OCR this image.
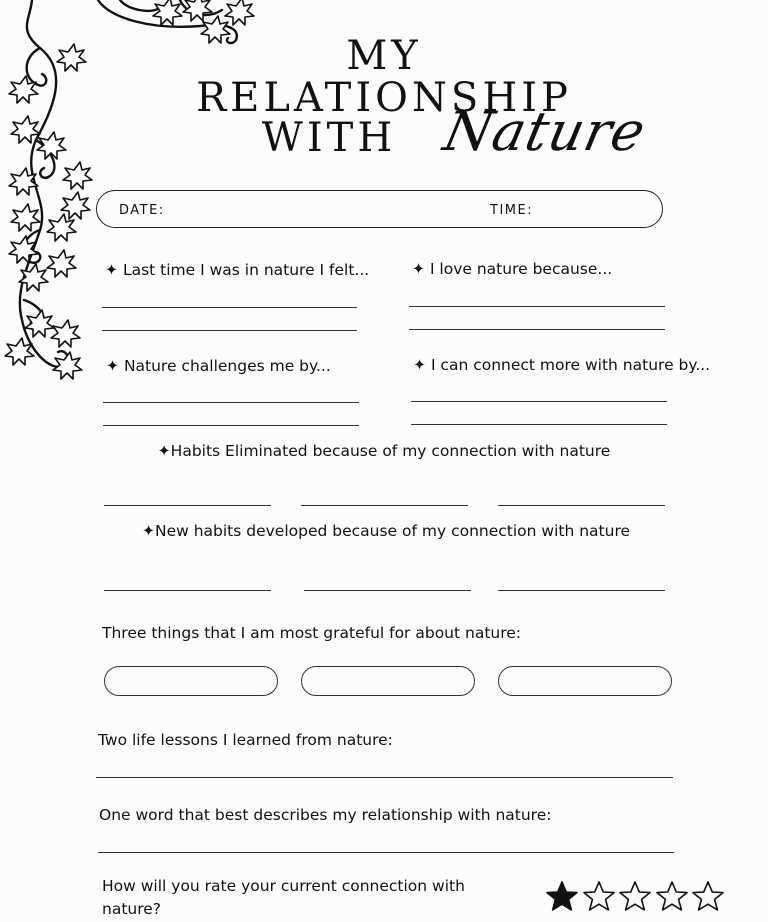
MY
RELATIONSHIP
WITH Nature
DATE:	TIME:
✦ Last time I was in nature I felt...	✦ I love nature because...
✦ Nature challenges me by...	✦ I can connect more with nature by...
✦Habits Eliminated because of my connection with nature
✦New habits developed because of my connection with nature
Three things that I am most grateful for about nature:
Two life lessons I learned from nature:
One word that best describes my relationship with nature:
How will you rate your current connection with
nature?
